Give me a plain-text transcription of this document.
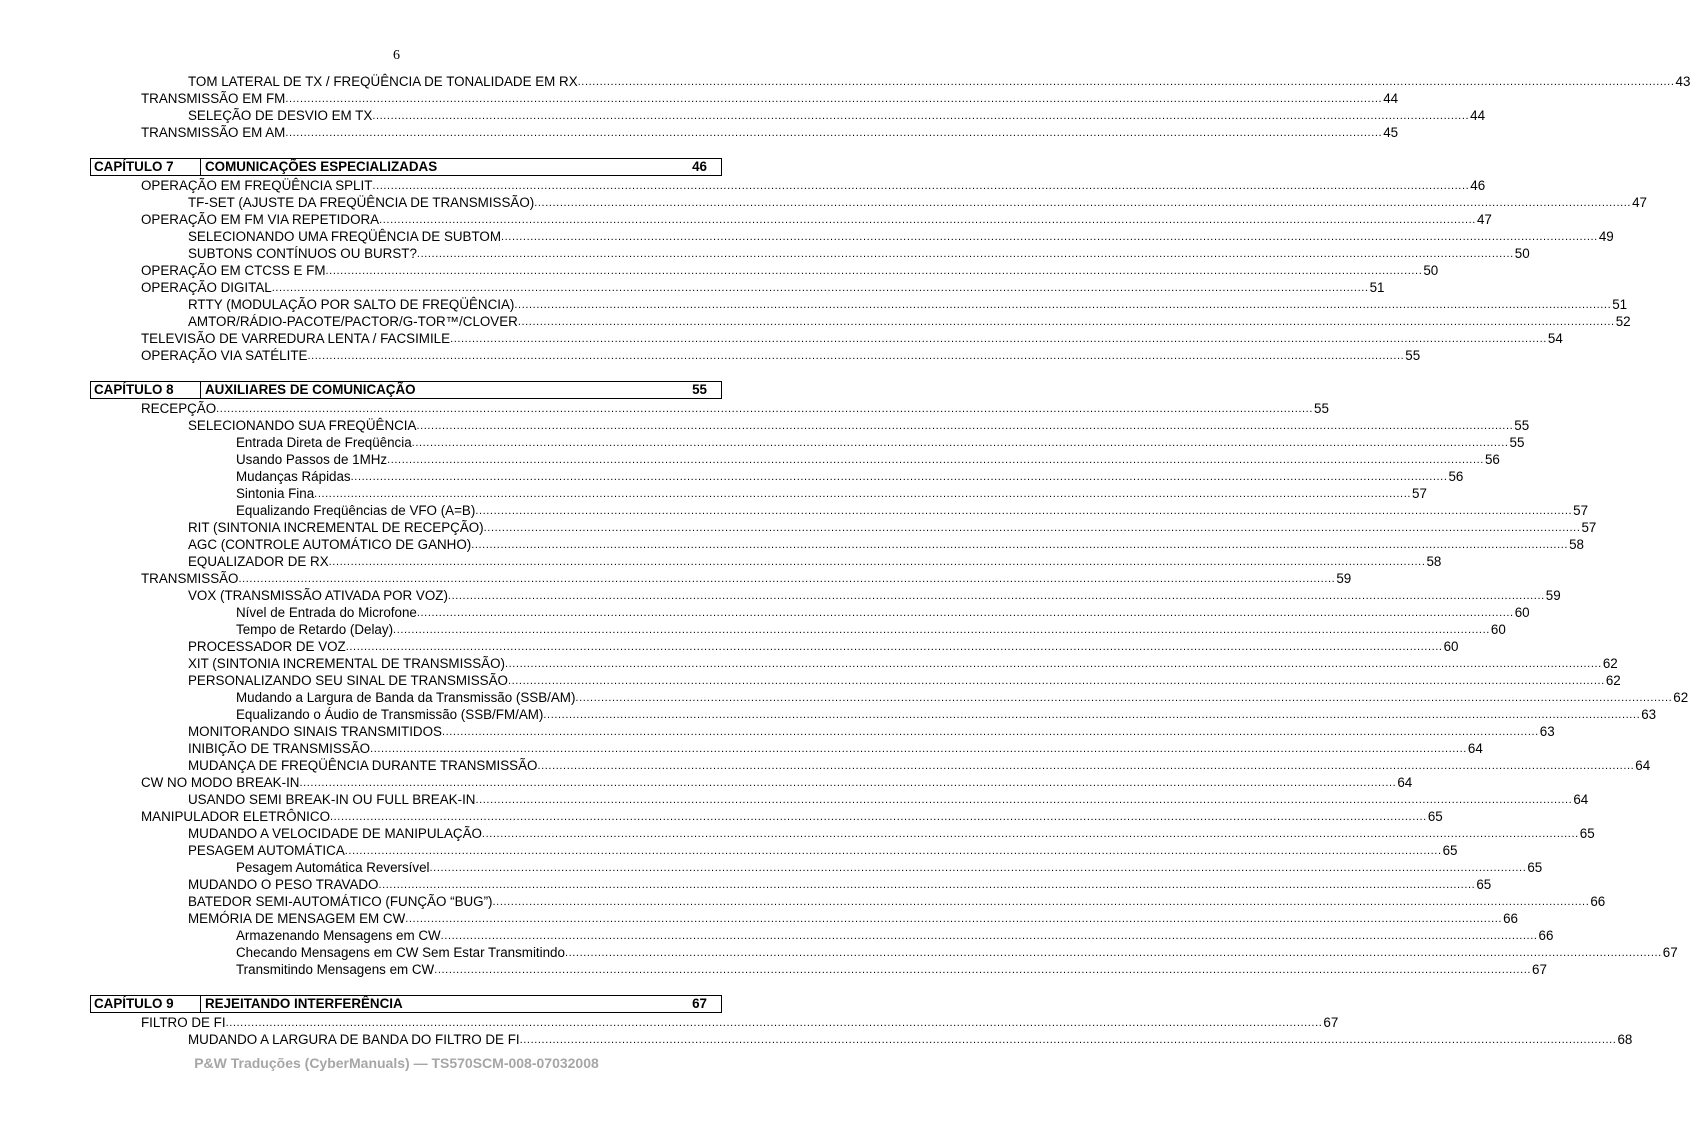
6
TOM LATERAL DE TX / FREQÜÊNCIA DE TONALIDADE EM RX ............................................................................................................................................................................................................................................................................................................ 43
TRANSMISSÃO EM FM ............................................................................................................................................................................................................................................................................................................ 44
SELEÇÃO DE DESVIO EM TX ............................................................................................................................................................................................................................................................................................................ 44
TRANSMISSÃO EM AM ............................................................................................................................................................................................................................................................................................................ 45
CAPÍTULO 7	COMUNICAÇÕES ESPECIALIZADAS	46
OPERAÇÃO EM FREQÜÊNCIA SPLIT ............................................................................................................................................................................................................................................................................................................ 46
TF-SET (AJUSTE DA FREQÜÊNCIA DE TRANSMISSÃO) ............................................................................................................................................................................................................................................................................................................ 47
OPERAÇÃO EM FM VIA REPETIDORA ............................................................................................................................................................................................................................................................................................................ 47
SELECIONANDO UMA FREQÜÊNCIA DE SUBTOM ............................................................................................................................................................................................................................................................................................................ 49
SUBTONS CONTÍNUOS OU BURST? ............................................................................................................................................................................................................................................................................................................ 50
OPERAÇÃO EM CTCSS E FM ............................................................................................................................................................................................................................................................................................................ 50
OPERAÇÃO DIGITAL ............................................................................................................................................................................................................................................................................................................ 51
RTTY (MODULAÇÃO POR SALTO DE FREQÜÊNCIA) ............................................................................................................................................................................................................................................................................................................ 51
AMTOR/RÁDIO-PACOTE/PACTOR/G-TOR™/CLOVER ............................................................................................................................................................................................................................................................................................................ 52
TELEVISÃO DE VARREDURA LENTA / FACSIMILE ............................................................................................................................................................................................................................................................................................................ 54
OPERAÇÃO VIA SATÉLITE ............................................................................................................................................................................................................................................................................................................ 55
CAPÍTULO 8	AUXILIARES DE COMUNICAÇÃO	55
RECEPÇÃO ............................................................................................................................................................................................................................................................................................................ 55
SELECIONANDO SUA FREQÜÊNCIA ............................................................................................................................................................................................................................................................................................................ 55
Entrada Direta de Freqüência ............................................................................................................................................................................................................................................................................................................ 55
Usando Passos de 1MHz ............................................................................................................................................................................................................................................................................................................ 56
Mudanças Rápidas ............................................................................................................................................................................................................................................................................................................ 56
Sintonia Fina ............................................................................................................................................................................................................................................................................................................ 57
Equalizando Freqüências de VFO (A=B) ............................................................................................................................................................................................................................................................................................................ 57
RIT (SINTONIA INCREMENTAL DE RECEPÇÃO) ............................................................................................................................................................................................................................................................................................................ 57
AGC (CONTROLE AUTOMÁTICO DE GANHO) ............................................................................................................................................................................................................................................................................................................ 58
EQUALIZADOR DE RX ............................................................................................................................................................................................................................................................................................................ 58
TRANSMISSÃO ............................................................................................................................................................................................................................................................................................................ 59
VOX (TRANSMISSÃO ATIVADA POR VOZ) ............................................................................................................................................................................................................................................................................................................ 59
Nível de Entrada do Microfone ............................................................................................................................................................................................................................................................................................................ 60
Tempo de Retardo (Delay) ............................................................................................................................................................................................................................................................................................................ 60
PROCESSADOR DE VOZ ............................................................................................................................................................................................................................................................................................................ 60
XIT (SINTONIA INCREMENTAL DE TRANSMISSÃO) ............................................................................................................................................................................................................................................................................................................ 62
PERSONALIZANDO SEU SINAL DE TRANSMISSÃO ............................................................................................................................................................................................................................................................................................................ 62
Mudando a Largura de Banda da Transmissão (SSB/AM) ............................................................................................................................................................................................................................................................................................................ 62
Equalizando o Áudio de Transmissão (SSB/FM/AM) ............................................................................................................................................................................................................................................................................................................ 63
MONITORANDO SINAIS TRANSMITIDOS ............................................................................................................................................................................................................................................................................................................ 63
INIBIÇÃO DE TRANSMISSÃO ............................................................................................................................................................................................................................................................................................................ 64
MUDANÇA DE FREQÜÊNCIA DURANTE TRANSMISSÃO ............................................................................................................................................................................................................................................................................................................ 64
CW NO MODO BREAK-IN ............................................................................................................................................................................................................................................................................................................ 64
USANDO SEMI BREAK-IN OU FULL BREAK-IN ............................................................................................................................................................................................................................................................................................................ 64
MANIPULADOR ELETRÔNICO ............................................................................................................................................................................................................................................................................................................ 65
MUDANDO A VELOCIDADE DE MANIPULAÇÃO ............................................................................................................................................................................................................................................................................................................ 65
PESAGEM AUTOMÁTICA ............................................................................................................................................................................................................................................................................................................ 65
Pesagem Automática Reversível ............................................................................................................................................................................................................................................................................................................ 65
MUDANDO O PESO TRAVADO ............................................................................................................................................................................................................................................................................................................ 65
BATEDOR SEMI-AUTOMÁTICO (FUNÇÃO “BUG”) ............................................................................................................................................................................................................................................................................................................ 66
MEMÓRIA DE MENSAGEM EM CW ............................................................................................................................................................................................................................................................................................................ 66
Armazenando Mensagens em CW ............................................................................................................................................................................................................................................................................................................ 66
Checando Mensagens em CW Sem Estar Transmitindo ............................................................................................................................................................................................................................................................................................................ 67
Transmitindo Mensagens em CW ............................................................................................................................................................................................................................................................................................................ 67
CAPÍTULO 9	REJEITANDO INTERFERÊNCIA	67
FILTRO DE FI ............................................................................................................................................................................................................................................................................................................ 67
MUDANDO A LARGURA DE BANDA DO FILTRO DE FI ............................................................................................................................................................................................................................................................................................................ 68
P&W Traduções (CyberManuals) — TS570SCM-008-07032008
